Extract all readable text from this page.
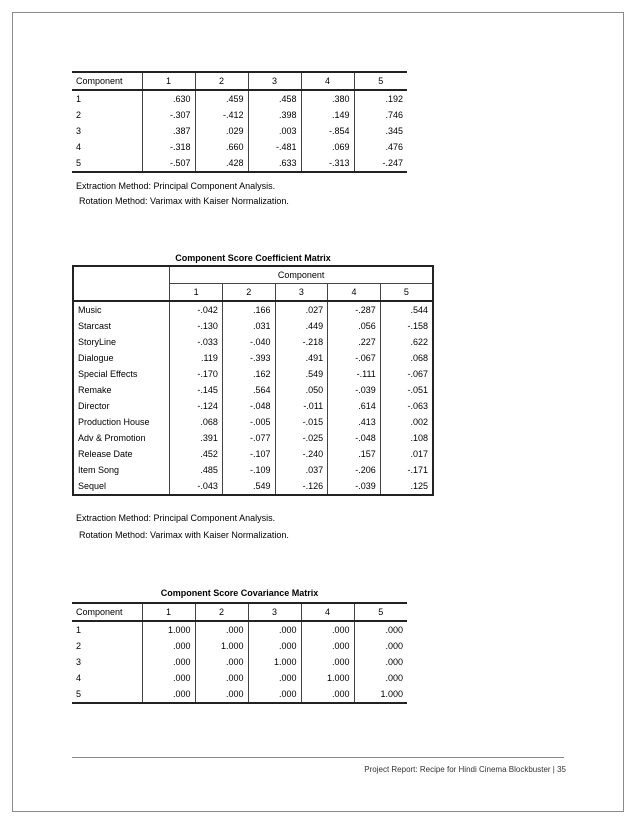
Component	1	2	3	4	5
1	.630	.459	.458	.380	.192
2	-.307	-.412	.398	.149	.746
3	.387	.029	.003	-.854	.345
4	-.318	.660	-.481	.069	.476
5	-.507	.428	.633	-.313	-.247
Extraction Method: Principal Component Analysis.
Rotation Method: Varimax with Kaiser Normalization.
Component Score Coefficient Matrix
	Component				
	1	2	3	4	5
Music	-.042	.166	.027	-.287	.544
Starcast	-.130	.031	.449	.056	-.158
StoryLine	-.033	-.040	-.218	.227	.622
Dialogue	.119	-.393	.491	-.067	.068
Special Effects	-.170	.162	.549	-.111	-.067
Remake	-.145	.564	.050	-.039	-.051
Director	-.124	-.048	-.011	.614	-.063
Production House	.068	-.005	-.015	.413	.002
Adv & Promotion	.391	-.077	-.025	-.048	.108
Release Date	.452	-.107	-.240	.157	.017
Item Song	.485	-.109	.037	-.206	-.171
Sequel	-.043	.549	-.126	-.039	.125
Extraction Method: Principal Component Analysis.
Rotation Method: Varimax with Kaiser Normalization.
Component Score Covariance Matrix
Component	1	2	3	4	5
1	1.000	.000	.000	.000	.000
2	.000	1.000	.000	.000	.000
3	.000	.000	1.000	.000	.000
4	.000	.000	.000	1.000	.000
5	.000	.000	.000	.000	1.000
Project Report: Recipe for Hindi Cinema Blockbuster | 35
